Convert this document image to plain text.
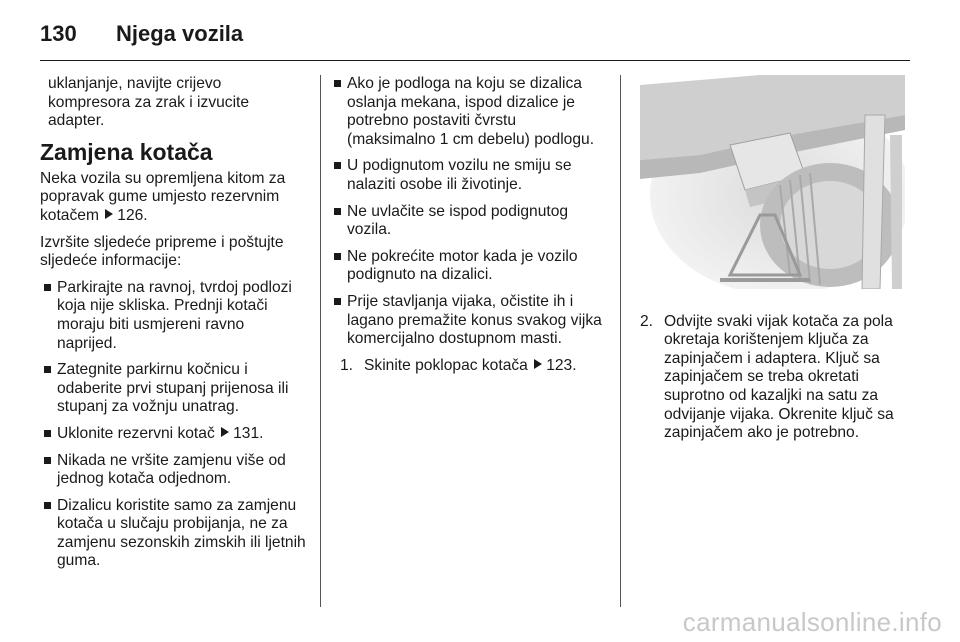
130	Njega vozila

uklanjanje, navijte crijevo kompresora za zrak i izvucite adapter.

Zamjena kotača

Neka vozila su opremljena kitom za popravak gume umjesto rezervnim kotačem 126.

Izvršite sljedeće pripreme i poštujte sljedeće informacije:

Parkirajte na ravnoj, tvrdoj podlozi koja nije skliska. Prednji kotači moraju biti usmjereni ravno naprijed.
Zategnite parkirnu kočnicu i odaberite prvi stupanj prijenosa ili stupanj za vožnju unatrag.
Uklonite rezervni kotač 131.
Nikada ne vršite zamjenu više od jednog kotača odjednom.
Dizalicu koristite samo za zamjenu kotača u slučaju probijanja, ne za zamjenu sezonskih zimskih ili ljetnih guma.
Ako je podloga na koju se dizalica oslanja mekana, ispod dizalice je potrebno postaviti čvrstu (maksimalno 1 cm debelu) podlogu.
U podignutom vozilu ne smiju se nalaziti osobe ili životinje.
Ne uvlačite se ispod podignutog vozila.
Ne pokrećite motor kada je vozilo podignuto na dizalici.
Prije stavljanja vijaka, očistite ih i lagano premažite konus svakog vijka komercijalno dostupnom masti.
1. Skinite poklopac kotača 123.
2. Odvijte svaki vijak kotača za pola okretaja korištenjem ključa za zapinjačem i adaptera. Ključ sa zapinjačem se treba okretati suprotno od kazaljki na satu za odvijanje vijaka. Okrenite ključ sa zapinjačem ako je potrebno.
carmanualsonline.info
